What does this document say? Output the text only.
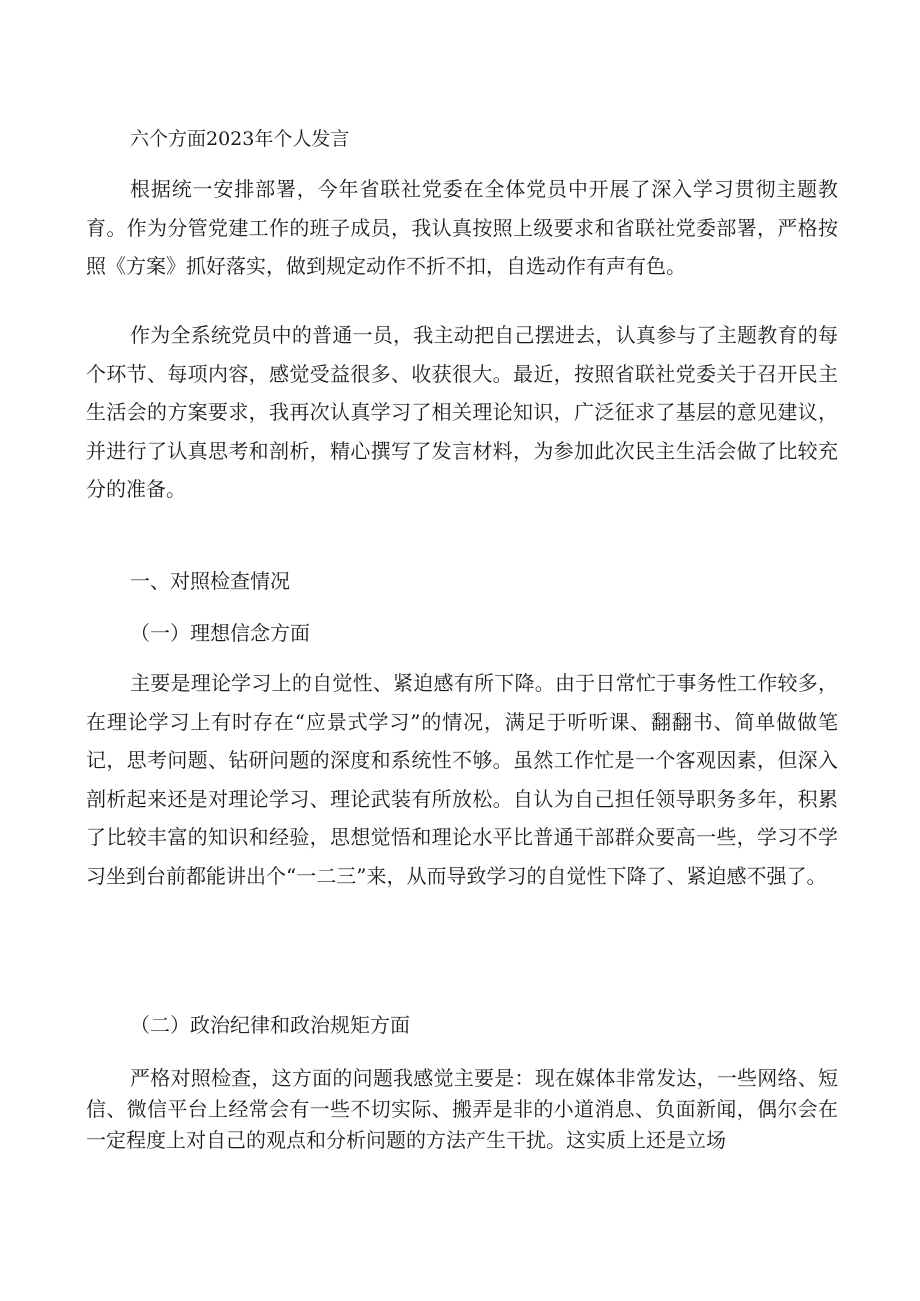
六个方面2023年个人发言

根据统一安排部署，今年省联社党委在全体党员中开展了深入学习贯彻主题教育。作为分管党建工作的班子成员，我认真按照上级要求和省联社党委部署，严格按照《方案》抓好落实，做到规定动作不折不扣，自选动作有声有色。

作为全系统党员中的普通一员，我主动把自己摆进去，认真参与了主题教育的每个环节、每项内容，感觉受益很多、收获很大。最近，按照省联社党委关于召开民主生活会的方案要求，我再次认真学习了相关理论知识，广泛征求了基层的意见建议，并进行了认真思考和剖析，精心撰写了发言材料，为参加此次民主生活会做了比较充分的准备。

一、对照检查情况
（一）理想信念方面

主要是理论学习上的自觉性、紧迫感有所下降。由于日常忙于事务性工作较多，在理论学习上有时存在“应景式学习”的情况，满足于听听课、翻翻书、简单做做笔记，思考问题、钻研问题的深度和系统性不够。虽然工作忙是一个客观因素，但深入剖析起来还是对理论学习、理论武装有所放松。自认为自己担任领导职务多年，积累了比较丰富的知识和经验，思想觉悟和理论水平比普通干部群众要高一些，学习不学习坐到台前都能讲出个“一二三”来，从而导致学习的自觉性下降了、紧迫感不强了。

（二）政治纪律和政治规矩方面

严格对照检查，这方面的问题我感觉主要是：现在媒体非常发达，一些网络、短信、微信平台上经常会有一些不切实际、搬弄是非的小道消息、负面新闻，偶尔会在一定程度上对自己的观点和分析问题的方法产生干扰。这实质上还是立场
